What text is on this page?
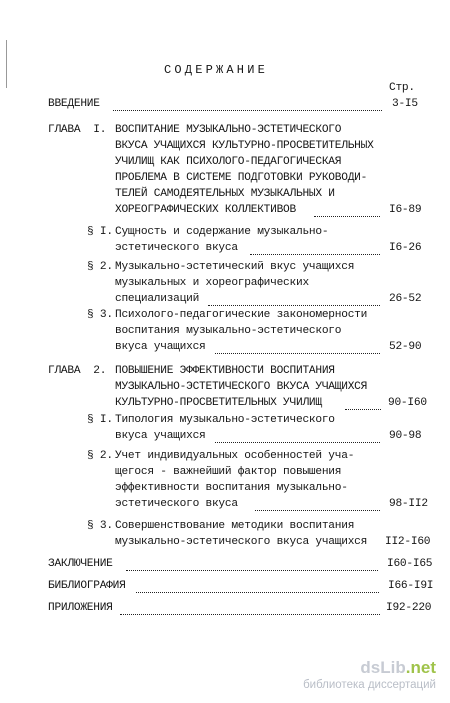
СОДЕРЖАНИЕ
Стр.
ВВЕДЕНИЕ	3-I5
ГЛАВА  I. ВОСПИТАНИЕ МУЗЫКАЛЬНО-ЭСТЕТИЧЕСКОГО
ВКУСА УЧАЩИХСЯ КУЛЬТУРНО-ПРОСВЕТИТЕЛЬНЫХ
УЧИЛИЩ КАК ПСИХОЛОГО-ПЕДАГОГИЧЕСКАЯ
ПРОБЛЕМА В СИСТЕМЕ ПОДГОТОВКИ РУКОВОДИ-
ТЕЛЕЙ САМОДЕЯТЕЛЬНЫХ МУЗЫКАЛЬНЫХ И
ХОРЕОГРАФИЧЕСКИХ КОЛЛЕКТИВОВ	I6-89
§ I. Сущность и содержание музыкально-
эстетического вкуса	I6-26
§ 2. Музыкально-эстетический вкус учащихся
музыкальных и хореографических
специализаций	26-52
§ 3. Психолого-педагогические закономерности
воспитания музыкально-эстетического
вкуса учащихся	52-90
ГЛАВА  2. ПОВЫШЕНИЕ ЭФФЕКТИВНОСТИ ВОСПИТАНИЯ
МУЗЫКАЛЬНО-ЭСТЕТИЧЕСКОГО ВКУСА УЧАЩИХСЯ
КУЛЬТУРНО-ПРОСВЕТИТЕЛЬНЫХ УЧИЛИЩ	90-I60
§ I. Типология музыкально-эстетического
вкуса учащихся	90-98
§ 2. Учет индивидуальных особенностей уча-
щегося - важнейший фактор повышения
эффективности воспитания музыкально-
эстетического вкуса	98-II2
§ 3. Совершенствование методики воспитания
музыкально-эстетического вкуса учащихся II2-I60
ЗАКЛЮЧЕНИЕ	I60-I65
БИБЛИОГРАФИЯ	I66-I9I
ПРИЛОЖЕНИЯ	I92-220
dsLib.net
библиотека диссертаций
